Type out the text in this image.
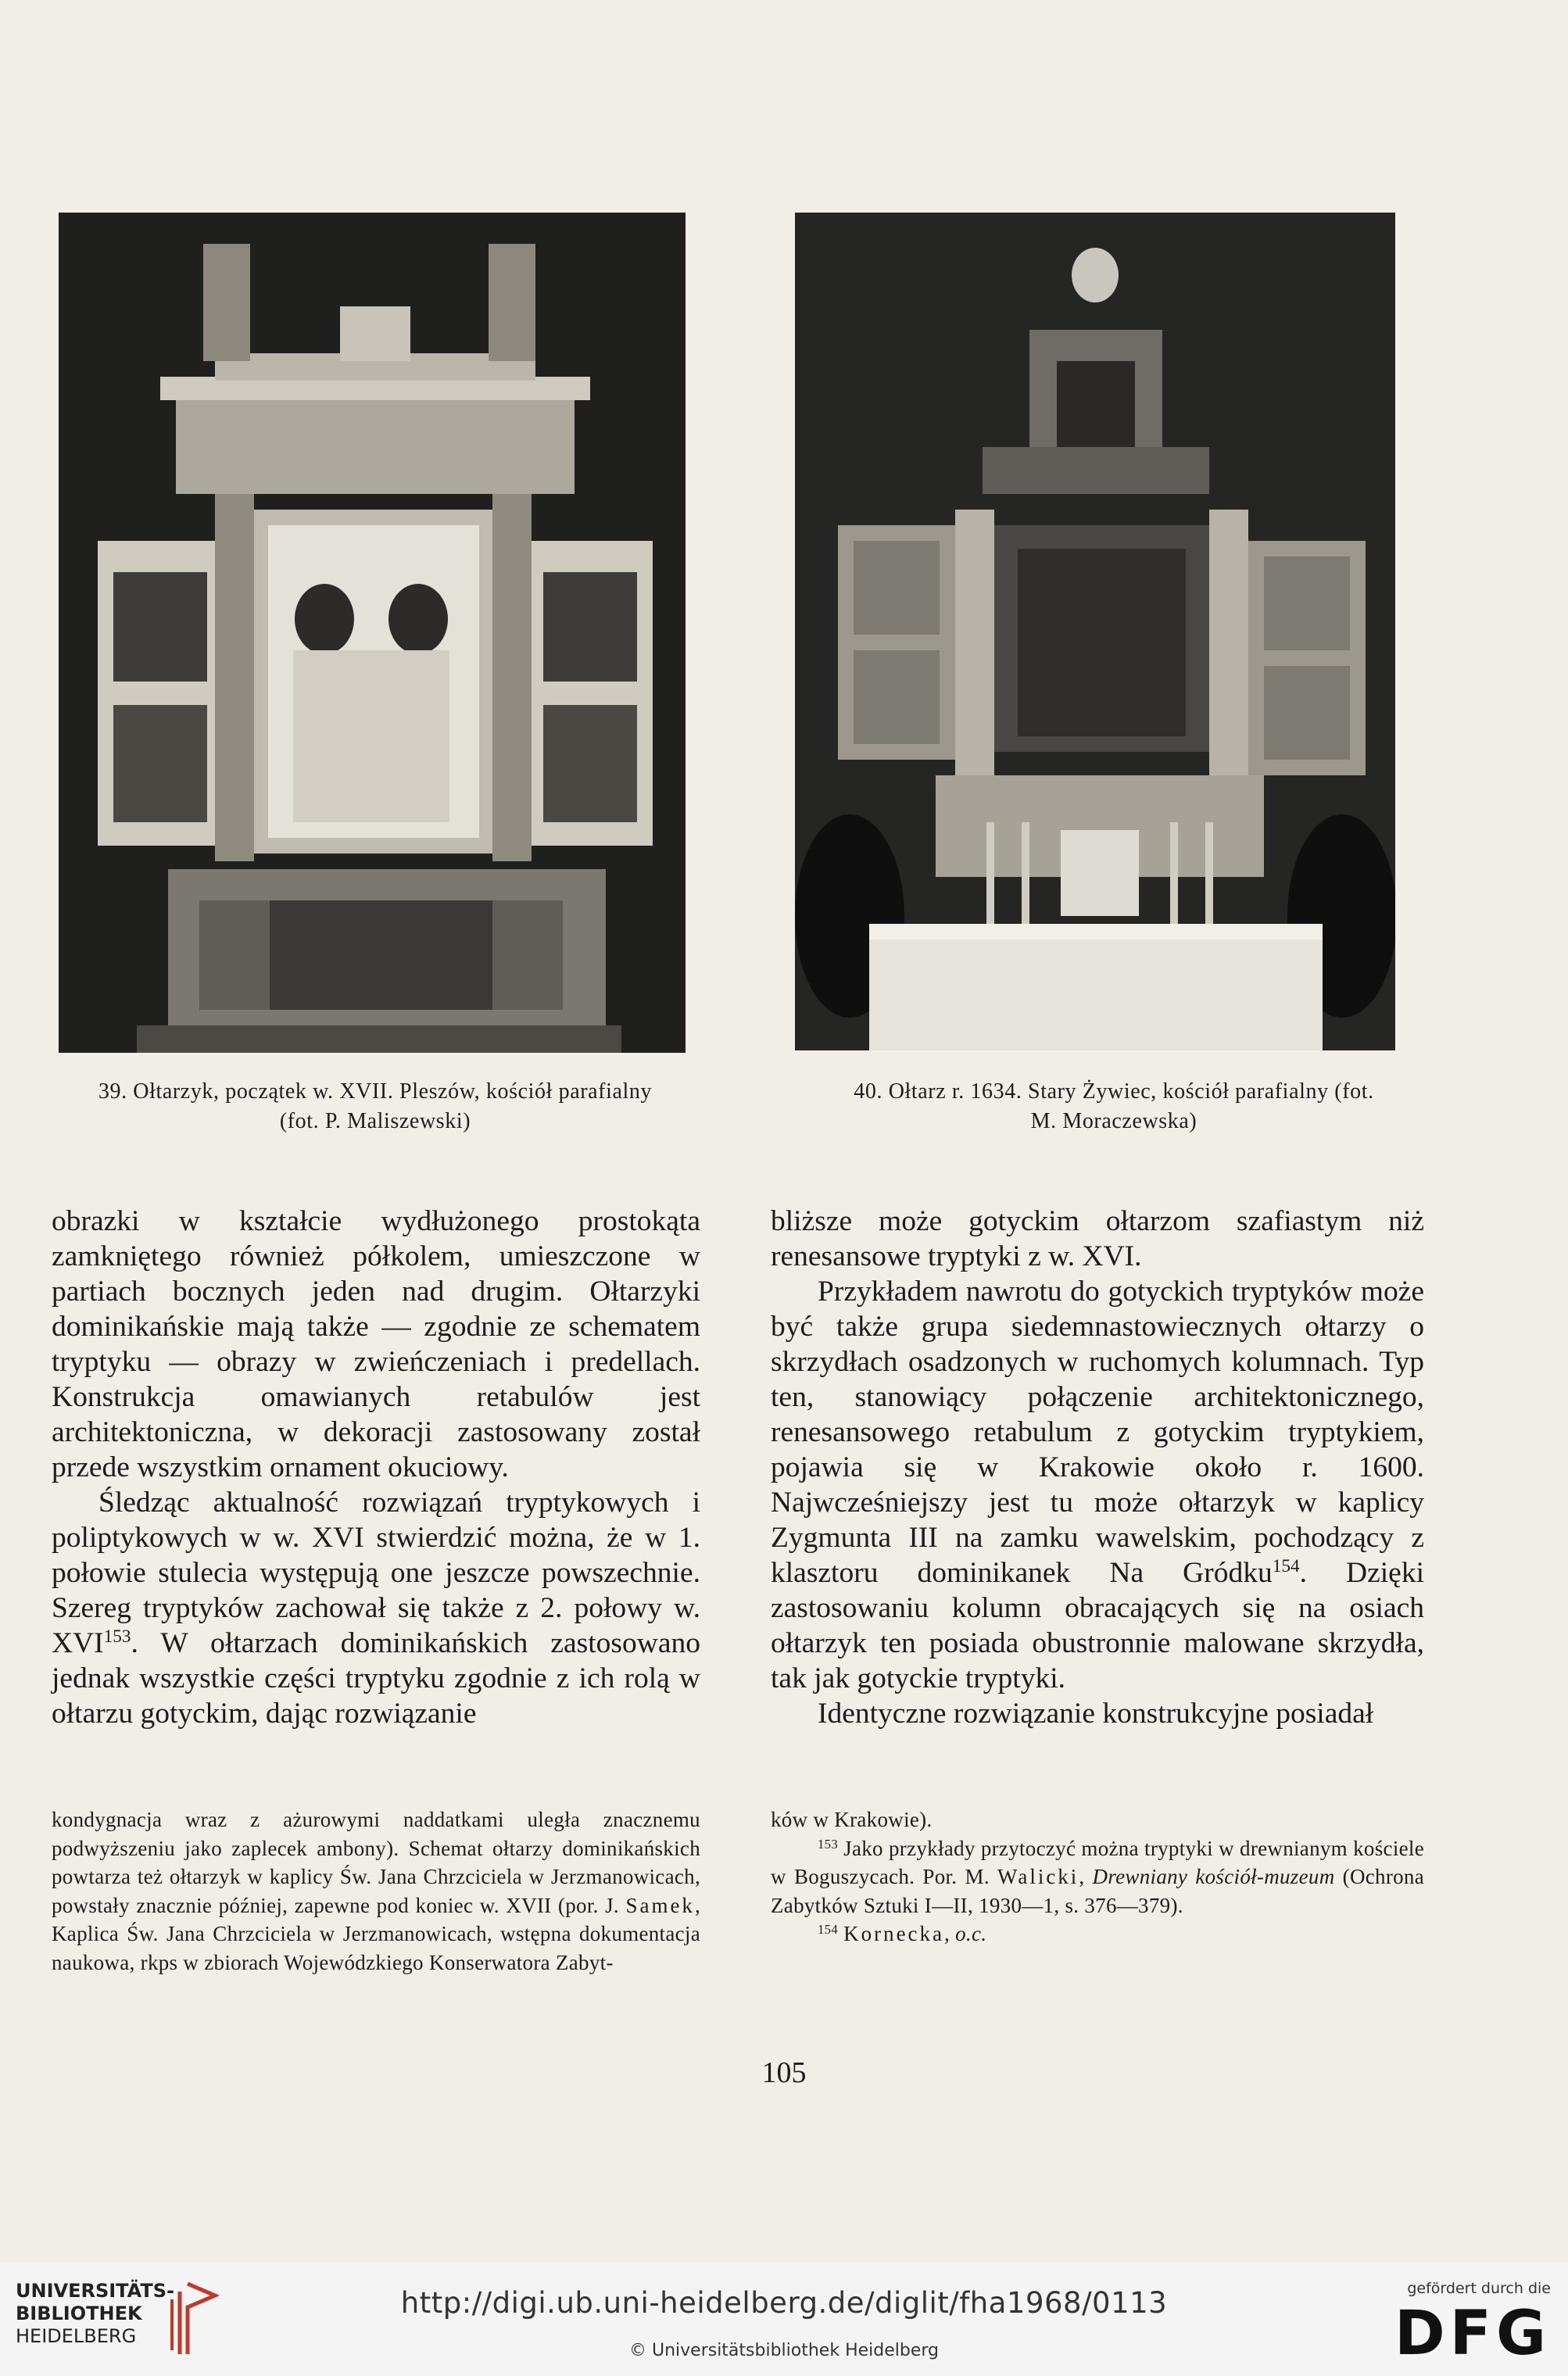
39. Ołtarzyk, początek w. XVII. Pleszów, kościół parafialny
(fot. P. Maliszewski)
40. Ołtarz r. 1634. Stary Żywiec, kościół parafialny (fot.
M. Moraczewska)

obrazki w kształcie wydłużonego prostokąta zamkniętego również półkolem, umieszczone w partiach bocznych jeden nad drugim. Ołtarzyki dominikańskie mają także — zgodnie ze schematem tryptyku — obrazy w zwieńczeniach i predellach. Konstrukcja omawianych retabulów jest architektoniczna, w dekoracji zastosowany został przede wszystkim ornament okuciowy.

Śledząc aktualność rozwiązań tryptykowych i poliptykowych w w. XVI stwierdzić można, że w 1. połowie stulecia występują one jeszcze powszechnie. Szereg tryptyków zachował się także z 2. połowy w. XVI$^{153}$. W ołtarzach dominikańskich zastosowano jednak wszystkie części tryptyku zgodnie z ich rolą w ołtarzu gotyckim, dając rozwiązanie

bliższe może gotyckim ołtarzom szafiastym niż renesansowe tryptyki z w. XVI.

Przykładem nawrotu do gotyckich tryptyków może być także grupa siedemnastowiecznych ołtarzy o skrzydłach osadzonych w ruchomych kolumnach. Typ ten, stanowiący połączenie architektonicznego, renesansowego retabulum z gotyckim tryptykiem, pojawia się w Krakowie około r. 1600. Najwcześniejszy jest tu może ołtarzyk w kaplicy Zygmunta III na zamku wawelskim, pochodzący z klasztoru dominikanek Na Gródku$^{154}$. Dzięki zastosowaniu kolumn obracających się na osiach ołtarzyk ten posiada obustronnie malowane skrzydła, tak jak gotyckie tryptyki.

Identyczne rozwiązanie konstrukcyjne posiadał

kondygnacja wraz z ażurowymi naddatkami uległa znacznemu podwyższeniu jako zaplecek ambony). Schemat ołtarzy dominikańskich powtarza też ołtarzyk w kaplicy Św. Jana Chrzciciela w Jerzmanowicach, powstały znacznie później, zapewne pod koniec w. XVII (por. J. Samek, Kaplica Św. Jana Chrzciciela w Jerzmanowicach, wstępna dokumentacja naukowa, rkps w zbiorach Wojewódzkiego Konserwatora Zabyt-

ków w Krakowie).

$^{153}$ Jako przykłady przytoczyć można tryptyki w drewnianym kościele w Boguszycach. Por. M. Walicki, Drewniany kościół-muzeum (Ochrona Zabytków Sztuki I—II, 1930—1, s. 376—379).

$^{154}$ Kornecka, o.c.

105
UNIVERSITÄTS-
BIBLIOTHEK
HEIDELBERG
http://digi.ub.uni-heidelberg.de/diglit/fha1968/0113
© Universitätsbibliothek Heidelberg
gefördert durch die
DFG
